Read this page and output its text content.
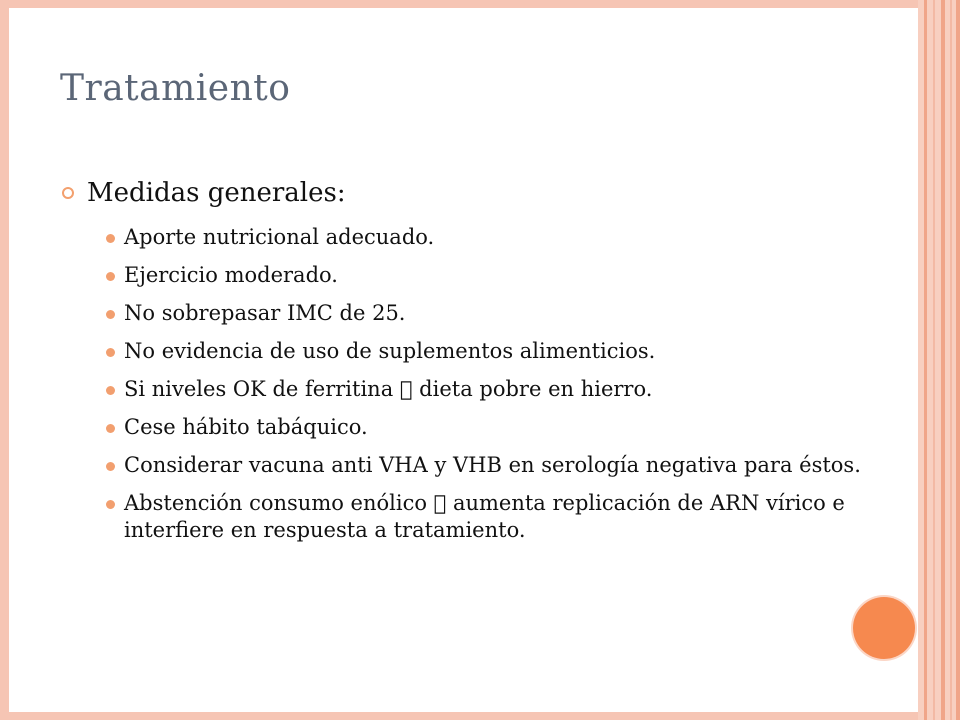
Tratamiento
Medidas generales:
Aporte nutricional adecuado.
Ejercicio moderado.
No sobrepasar IMC de 25.
No evidencia de uso de suplementos alimenticios.
Si niveles OK de ferritina dieta pobre en hierro.
Cese hábito tabáquico.
Considerar vacuna anti VHA y VHB en serología negativa para éstos.
Abstención consumo enólico aumenta replicación de ARN vírico e interfiere en respuesta a tratamiento.
